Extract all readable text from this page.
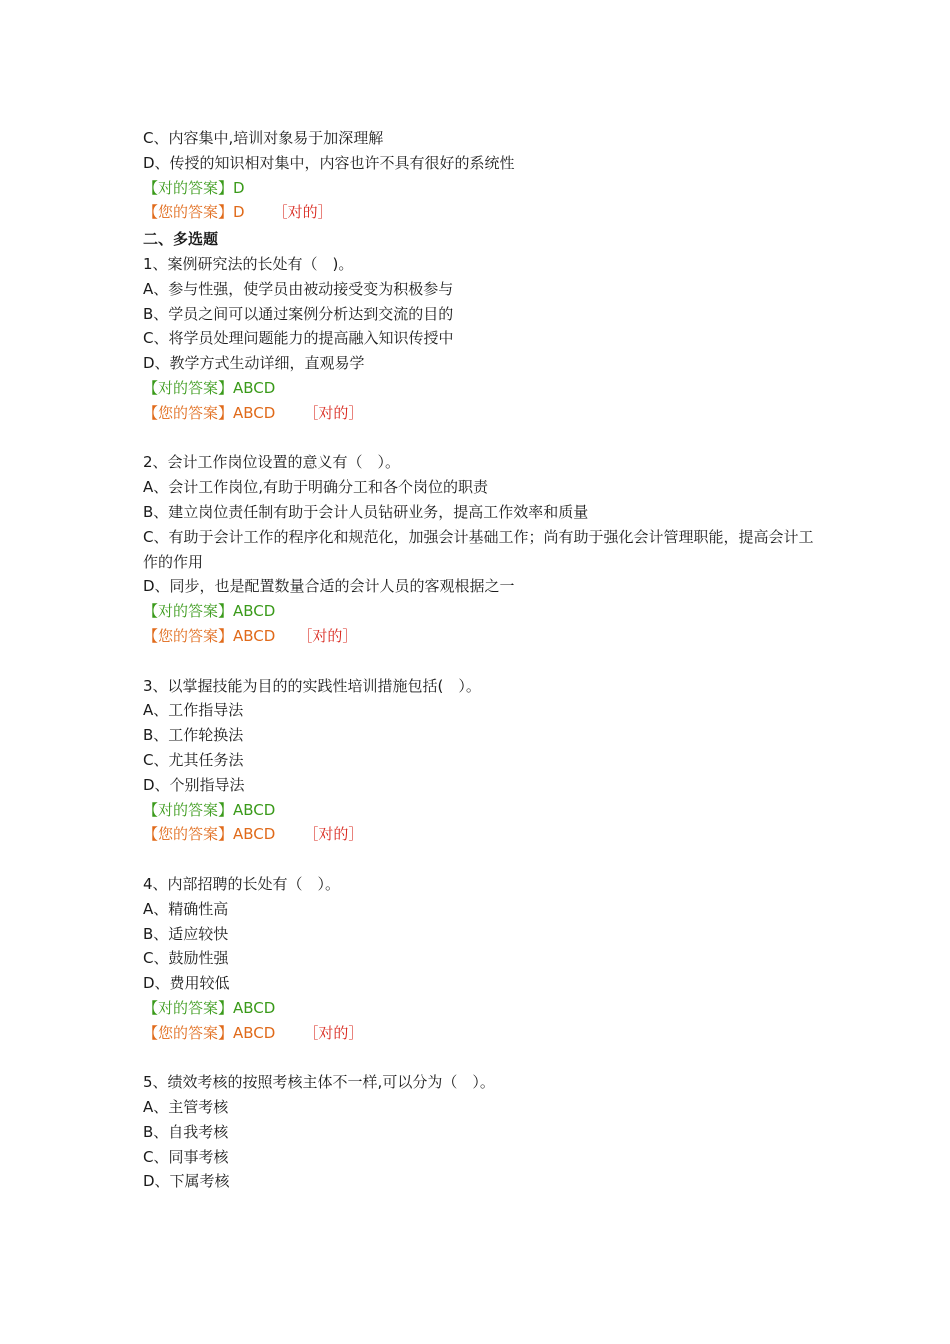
C、内容集中,培训对象易于加深理解
D、传授的知识相对集中，内容也许不具有很好的系统性
【对的答案】D
【您的答案】D ［对的］
二、多选题
1、案例研究法的长处有（　)。
A、参与性强，使学员由被动接受变为积极参与
B、学员之间可以通过案例分析达到交流的目的
C、将学员处理问题能力的提高融入知识传授中
D、教学方式生动详细，直观易学
【对的答案】ABCD
【您的答案】ABCD ［对的］
2、会计工作岗位设置的意义有（　）。
A、会计工作岗位,有助于明确分工和各个岗位的职责
B、建立岗位责任制有助于会计人员钻研业务，提高工作效率和质量
C、有助于会计工作的程序化和规范化，加强会计基础工作；尚有助于强化会计管理职能，提高会计工作的作用
D、同步，也是配置数量合适的会计人员的客观根据之一
【对的答案】ABCD
【您的答案】ABCD ［对的］
3、以掌握技能为目的的实践性培训措施包括(　）。
A、工作指导法
B、工作轮换法
C、尤其任务法
D、个别指导法
【对的答案】ABCD
【您的答案】ABCD ［对的］
4、内部招聘的长处有（　）。
A、精确性高
B、适应较快
C、鼓励性强
D、费用较低
【对的答案】ABCD
【您的答案】ABCD ［对的］
5、绩效考核的按照考核主体不一样,可以分为（　）。
A、主管考核
B、自我考核
C、同事考核
D、下属考核
